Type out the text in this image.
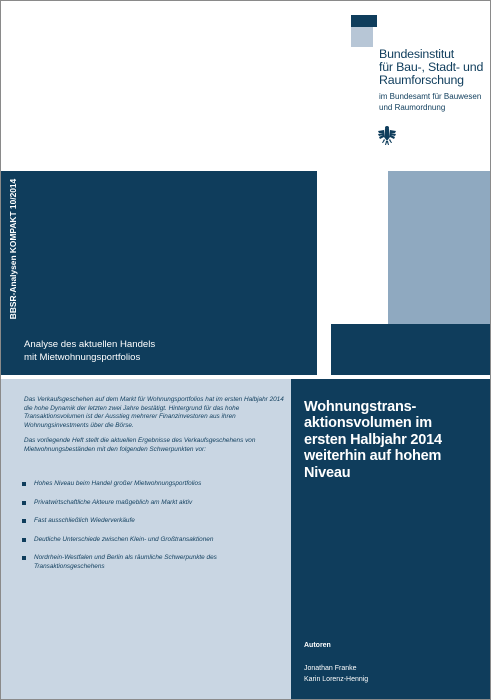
Bundesinstitut
für Bau-, Stadt- und
Raumforschung
im Bundesamt für Bauwesen
und Raumordnung
BBSR-Analysen KOMPAKT 10/2014
Analyse des aktuellen Handels
mit Mietwohnungsportfolios

Das Verkaufsgeschehen auf dem Markt für Wohnungsportfolios hat im ersten Halbjahr 2014 die hohe Dynamik der letzten zwei Jahre bestätigt. Hintergrund für das hohe Transaktionsvolumen ist der Ausstieg mehrerer Finanzinvestoren aus ihren Wohnungsinvestments über die Börse.

Das vorliegende Heft stellt die aktuellen Ergebnisse des Verkaufsgeschehens von Mietwohnungsbeständen mit den folgenden Schwerpunkten vor:

Hohes Niveau beim Handel großer Mietwohnungsportfolios
Privatwirtschaftliche Akteure maßgeblich am Markt aktiv
Fast ausschließlich Wiederverkäufe
Deutliche Unterschiede zwischen Klein- und Großtransaktionen
Nordrhein-Westfalen und Berlin als räumliche Schwerpunkte des Transaktionsgeschehens
Wohnungstrans-
aktionsvolumen im
ersten Halbjahr 2014
weiterhin auf hohem
Niveau
Autoren
Jonathan Franke
Karin Lorenz-Hennig
